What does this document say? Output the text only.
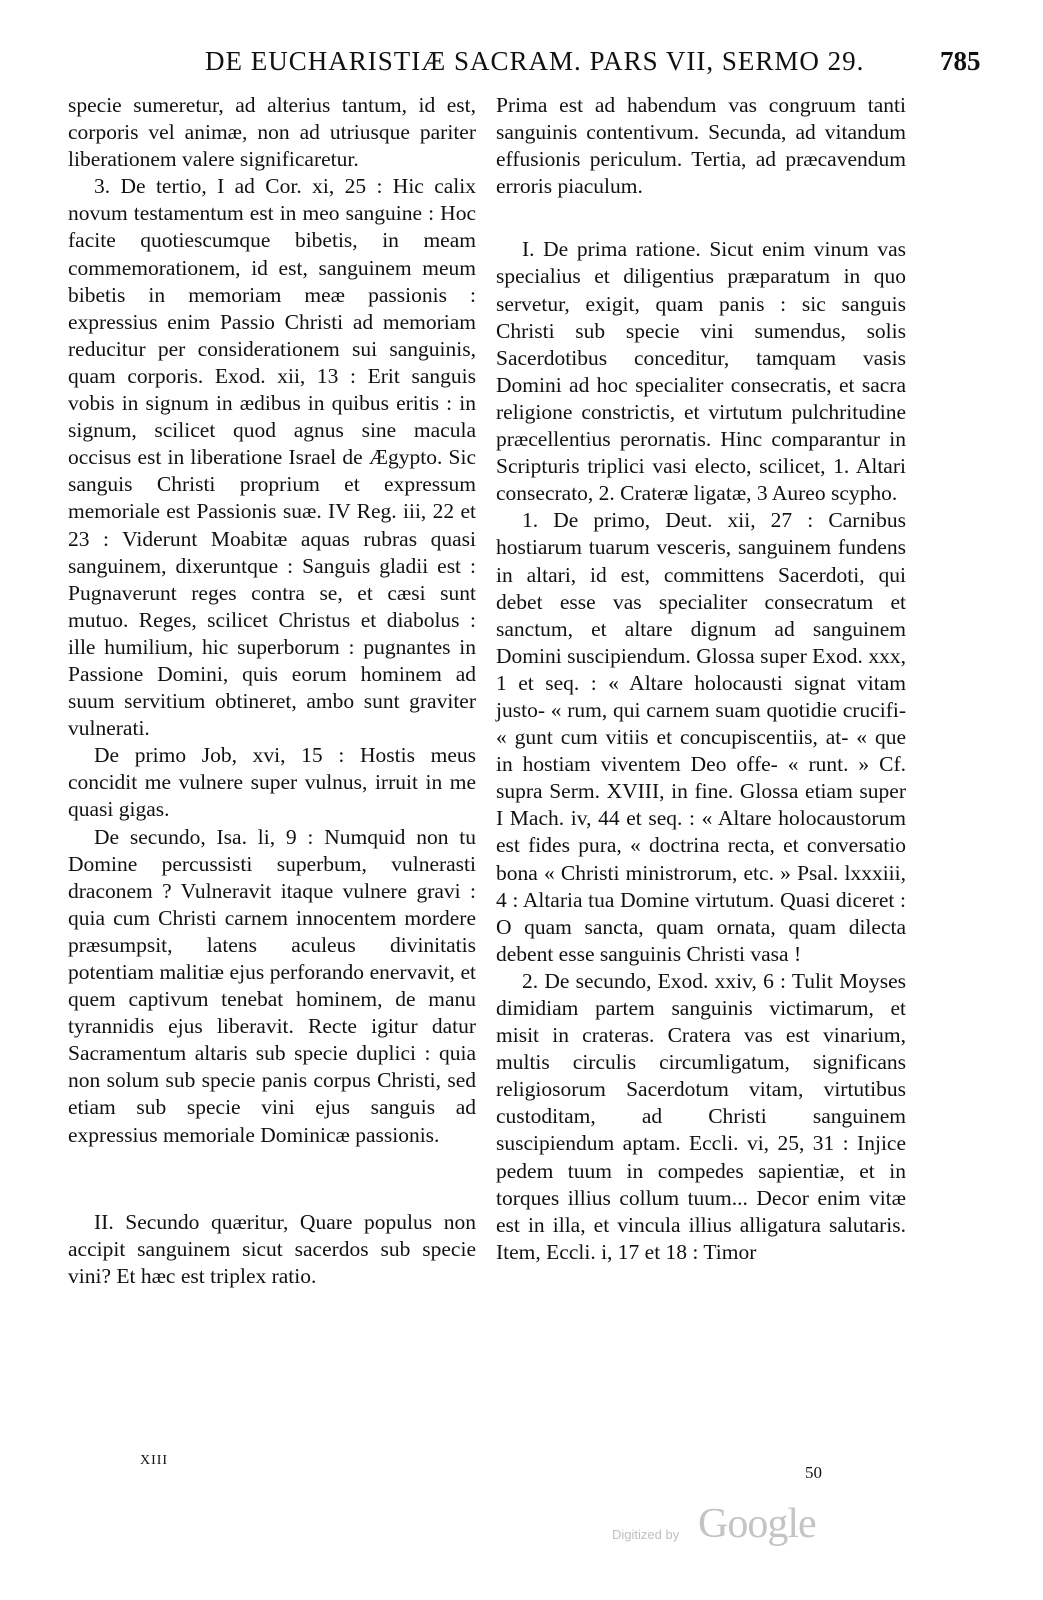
DE EUCHARISTIÆ SACRAM. PARS VII, SERMO 29.	785

specie sumeretur, ad alterius tantum, id est, corporis vel animæ, non ad utriusque pariter liberationem valere significaretur.

3. De tertio, I ad Cor. xi, 25 : Hic calix novum testamentum est in meo sanguine : Hoc facite quotiescumque bibetis, in meam commemorationem, id est, sanguinem meum bibetis in memoriam meæ passionis : expressius enim Passio Christi ad memoriam reducitur per considerationem sui sanguinis, quam corporis. Exod. xii, 13 : Erit sanguis vobis in signum in ædibus in quibus eritis : in signum, scilicet quod agnus sine macula occisus est in liberatione Israel de Ægypto. Sic sanguis Christi proprium et expressum memoriale est Passionis suæ. IV Reg. iii, 22 et 23 : Viderunt Moabitæ aquas rubras quasi sanguinem, dixeruntque : Sanguis gladii est : Pugnaverunt reges contra se, et cæsi sunt mutuo. Reges, scilicet Christus et diabolus : ille humilium, hic superborum : pugnantes in Passione Domini, quis eorum hominem ad suum servitium obtineret, ambo sunt graviter vulnerati.

De primo Job, xvi, 15 : Hostis meus concidit me vulnere super vulnus, irruit in me quasi gigas.

De secundo, Isa. li, 9 : Numquid non tu Domine percussisti superbum, vulnerasti draconem ? Vulneravit itaque vulnere gravi : quia cum Christi carnem innocentem mordere præsumpsit, latens aculeus divinitatis potentiam malitiæ ejus perforando enervavit, et quem captivum tenebat hominem, de manu tyrannidis ejus liberavit. Recte igitur datur Sacramentum altaris sub specie duplici : quia non solum sub specie panis corpus Christi, sed etiam sub specie vini ejus sanguis ad expressius memoriale Dominicæ passionis.

II. Secundo quæritur, Quare populus non accipit sanguinem sicut sacerdos sub specie vini? Et hæc est triplex ratio.

Prima est ad habendum vas congruum tanti sanguinis contentivum. Secunda, ad vitandum effusionis periculum. Tertia, ad præcavendum erroris piaculum.

I. De prima ratione. Sicut enim vinum vas specialius et diligentius præparatum in quo servetur, exigit, quam panis : sic sanguis Christi sub specie vini sumendus, solis Sacerdotibus conceditur, tamquam vasis Domini ad hoc specialiter consecratis, et sacra religione constrictis, et virtutum pulchritudine præcellentius perornatis. Hinc comparantur in Scripturis triplici vasi electo, scilicet, 1. Altari consecrato, 2. Crateræ ligatæ, 3 Aureo scypho.

1. De primo, Deut. xii, 27 : Carnibus hostiarum tuarum vesceris, sanguinem fundens in altari, id est, committens Sacerdoti, qui debet esse vas specialiter consecratum et sanctum, et altare dignum ad sanguinem Domini suscipiendum. Glossa super Exod. xxx, 1 et seq. : « Altare holocausti signat vitam justo- « rum, qui carnem suam quotidie crucifi- « gunt cum vitiis et concupiscentiis, at- « que in hostiam viventem Deo offe- « runt. » Cf. supra Serm. XVIII, in fine. Glossa etiam super I Mach. iv, 44 et seq. : « Altare holocaustorum est fides pura, « doctrina recta, et conversatio bona « Christi ministrorum, etc. » Psal. lxxxiii, 4 : Altaria tua Domine virtutum. Quasi diceret : O quam sancta, quam ornata, quam dilecta debent esse sanguinis Christi vasa !

2. De secundo, Exod. xxiv, 6 : Tulit Moyses dimidiam partem sanguinis victimarum, et misit in crateras. Cratera vas est vinarium, multis circulis circumligatum, significans religiosorum Sacerdotum vitam, virtutibus custoditam, ad Christi sanguinem suscipiendum aptam. Eccli. vi, 25, 31 : Injice pedem tuum in compedes sapientiæ, et in torques illius collum tuum... Decor enim vitæ est in illa, et vincula illius alligatura salutaris. Item, Eccli. i, 17 et 18 : Timor

XIII
50
Digitized by Google
